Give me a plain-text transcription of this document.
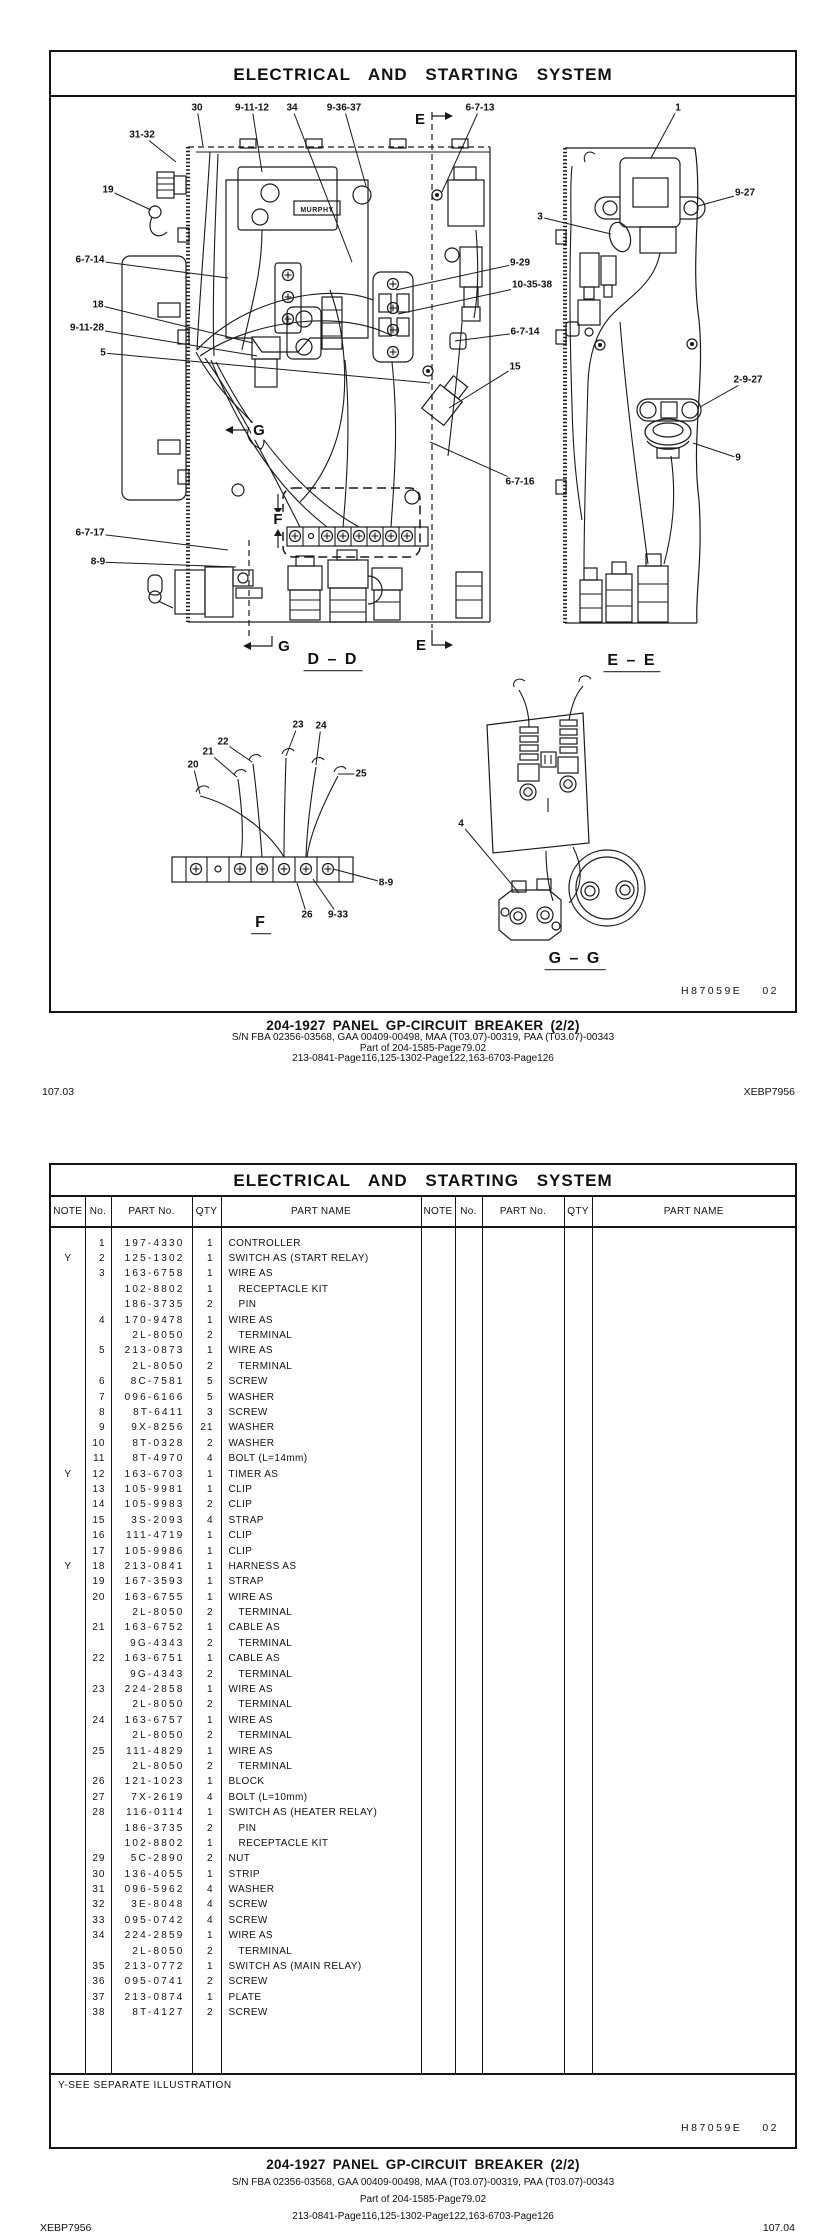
ELECTRICAL AND STARTING SYSTEM
MURPHY
30	9-11-12 34	9-36-37	6-7-13	1
31-32
19	9-27
3
6-7-14	9-29
10-35-38
18
9-11-28	6-7-14
5
15
2-9-27
9
6-7-16
6-7-17
8-9
20
21
22
23 24
25
8-9
26 9-33
4
E
E
G
G
F
D – D	E – E
F
G – G
H87059E 02
204-1927 PANEL GP-CIRCUIT BREAKER (2/2)
S/N FBA 02356-03568, GAA 00409-00498, MAA (T03.07)-00319, PAA (T03.07)-00343
Part of 204-1585-Page79.02
213-0841-Page116,125-1302-Page122,163-6703-Page126
107.03	XEBP7956
ELECTRICAL AND STARTING SYSTEM
NOTE	No.	PART No.	QTY	PART NAME	NOTE	No.	PART No.	QTY	PART NAME

	1	197-4330	1	CONTROLLER					
Y	2	125-1302	1	SWITCH AS (START RELAY)					
	3	163-6758	1	WIRE AS					
		102-8802	1	RECEPTACLE KIT					
		186-3735	2	PIN					
	4	170-9478	1	WIRE AS					
		2L-8050	2	TERMINAL					
	5	213-0873	1	WIRE AS					
		2L-8050	2	TERMINAL					
	6	8C-7581	5	SCREW					
	7	096-6166	5	WASHER					
	8	8T-6411	3	SCREW					
	9	9X-8256	21	WASHER					
	10	8T-0328	2	WASHER					
	11	8T-4970	4	BOLT (L=14mm)					
Y	12	163-6703	1	TIMER AS					
	13	105-9981	1	CLIP					
	14	105-9983	2	CLIP					
	15	3S-2093	4	STRAP					
	16	111-4719	1	CLIP					
	17	105-9986	1	CLIP					
Y	18	213-0841	1	HARNESS AS					
	19	167-3593	1	STRAP					
	20	163-6755	1	WIRE AS					
		2L-8050	2	TERMINAL					
	21	163-6752	1	CABLE AS					
		9G-4343	2	TERMINAL					
	22	163-6751	1	CABLE AS					
		9G-4343	2	TERMINAL					
	23	224-2858	1	WIRE AS					
		2L-8050	2	TERMINAL					
	24	163-6757	1	WIRE AS					
		2L-8050	2	TERMINAL					
	25	111-4829	1	WIRE AS					
		2L-8050	2	TERMINAL					
	26	121-1023	1	BLOCK					
	27	7X-2619	4	BOLT (L=10mm)					
	28	116-0114	1	SWITCH AS (HEATER RELAY)					
		186-3735	2	PIN					
		102-8802	1	RECEPTACLE KIT					
	29	5C-2890	2	NUT					
	30	136-4055	1	STRIP					
	31	096-5962	4	WASHER					
	32	3E-8048	4	SCREW					
	33	095-0742	4	SCREW					
	34	224-2859	1	WIRE AS					
		2L-8050	2	TERMINAL					
	35	213-0772	1	SWITCH AS (MAIN RELAY)					
	36	095-0741	2	SCREW					
	37	213-0874	1	PLATE					
	38	8T-4127	2	SCREW					

Y-SEE SEPARATE ILLUSTRATION
H87059E 02
204-1927 PANEL GP-CIRCUIT BREAKER (2/2)
S/N FBA 02356-03568, GAA 00409-00498, MAA (T03.07)-00319, PAA (T03.07)-00343
Part of 204-1585-Page79.02
213-0841-Page116,125-1302-Page122,163-6703-Page126
XEBP7956	107.04
